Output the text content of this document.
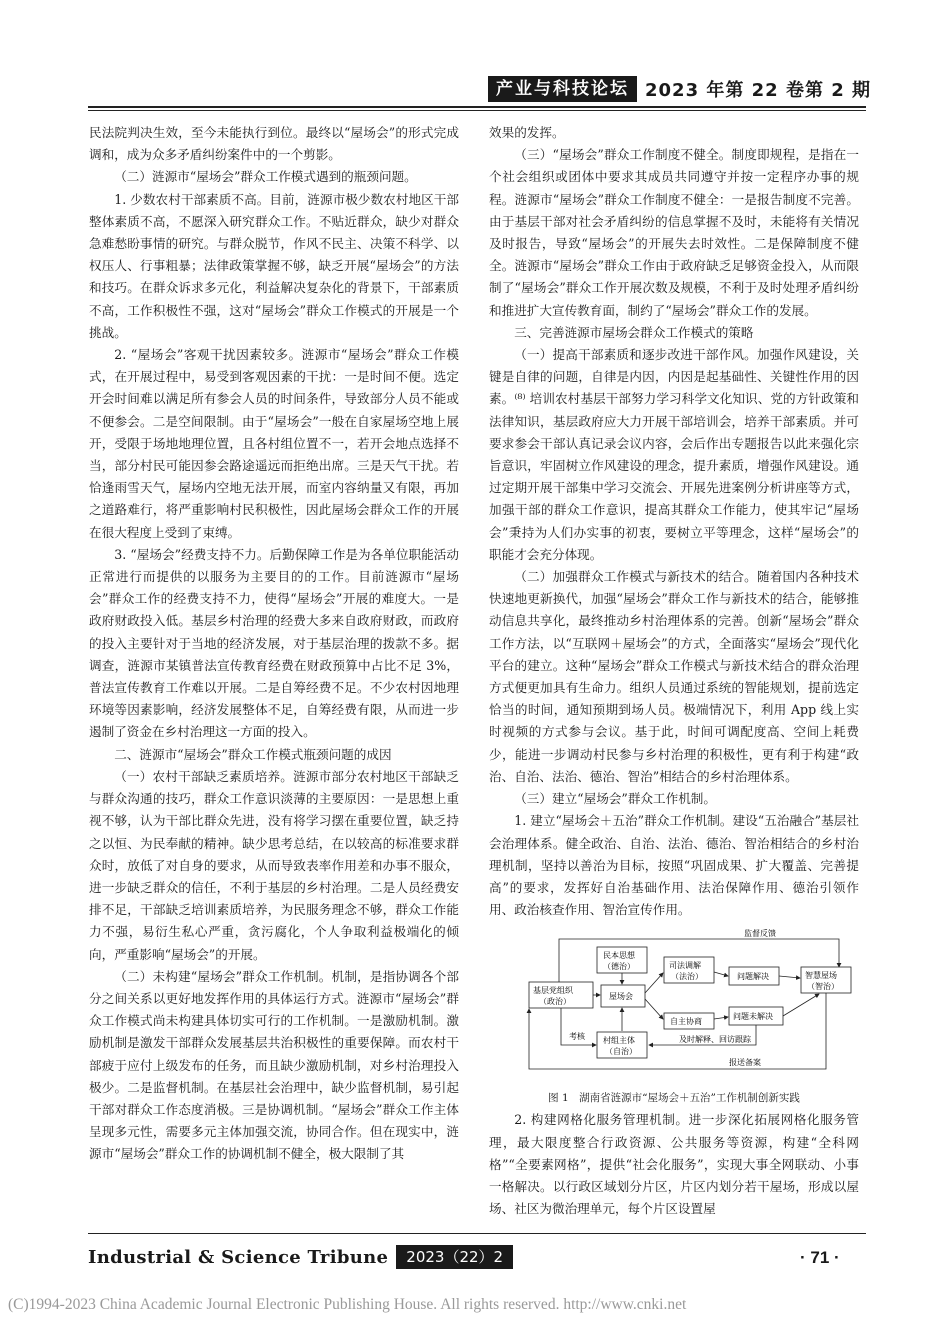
产业与科技论坛 2023 年第 22 卷第 2 期

民法院判决生效，至今未能执行到位。最终以“屋场会”的形式完成调和，成为众多矛盾纠纷案件中的一个剪影。

（二）涟源市“屋场会”群众工作模式遇到的瓶颈问题。

1. 少数农村干部素质不高。目前，涟源市极少数农村地区干部整体素质不高，不愿深入研究群众工作。不贴近群众，缺少对群众急难愁盼事情的研究。与群众脱节，作风不民主、决策不科学、以权压人、行事粗暴；法律政策掌握不够，缺乏开展“屋场会”的方法和技巧。在群众诉求多元化，利益解决复杂化的背景下，干部素质不高，工作积极性不强，这对“屋场会”群众工作模式的开展是一个挑战。

2. “屋场会”客观干扰因素较多。涟源市“屋场会”群众工作模式，在开展过程中，易受到客观因素的干扰：一是时间不便。选定开会时间难以满足所有参会人员的时间条件，导致部分人员不能或不便参会。二是空间限制。由于“屋场会”一般在自家屋场空地上展开，受限于场地地理位置，且各村组位置不一，若开会地点选择不当，部分村民可能因参会路途遥远而拒绝出席。三是天气干扰。若恰逢雨雪天气，屋场内空地无法开展，而室内容纳量又有限，再加之道路难行，将严重影响村民积极性，因此屋场会群众工作的开展在很大程度上受到了束缚。

3. “屋场会”经费支持不力。后勤保障工作是为各单位职能活动正常进行而提供的以服务为主要目的的工作。目前涟源市“屋场会”群众工作的经费支持不力，使得“屋场会”开展的难度大。一是政府财政投入低。基层乡村治理的经费大多来自政府财政，而政府的投入主要针对于当地的经济发展，对于基层治理的拨款不多。据调查，涟源市某镇普法宣传教育经费在财政预算中占比不足 3%，普法宣传教育工作难以开展。二是自筹经费不足。不少农村因地理环境等因素影响，经济发展整体不足，自筹经费有限，从而进一步遏制了资金在乡村治理这一方面的投入。

二、涟源市“屋场会”群众工作模式瓶颈问题的成因

（一）农村干部缺乏素质培养。涟源市部分农村地区干部缺乏与群众沟通的技巧，群众工作意识淡薄的主要原因：一是思想上重视不够，认为干部比群众先进，没有将学习摆在重要位置，缺乏持之以恒、为民奉献的精神。缺少思考总结，在以较高的标准要求群众时，放低了对自身的要求，从而导致表率作用差和办事不服众，进一步缺乏群众的信任，不利于基层的乡村治理。二是人员经费安排不足，干部缺乏培训素质培养，为民服务理念不够，群众工作能力不强，易衍生私心严重，贪污腐化，个人争取利益极端化的倾向，严重影响“屋场会”的开展。

（二）未构建“屋场会”群众工作机制。机制，是指协调各个部分之间关系以更好地发挥作用的具体运行方式。涟源市“屋场会”群众工作模式尚未构建具体切实可行的工作机制。一是激励机制。激励机制是激发干部群众发展基层共治积极性的重要保障。而农村干部疲于应付上级发布的任务，而且缺少激励机制，对乡村治理投入极少。二是监督机制。在基层社会治理中，缺少监督机制，易引起干部对群众工作态度消极。三是协调机制。“屋场会”群众工作主体呈现多元性，需要多元主体加强交流，协同合作。但在现实中，涟源市“屋场会”群众工作的协调机制不健全，极大限制了其

效果的发挥。

（三）“屋场会”群众工作制度不健全。制度即规程，是指在一个社会组织或团体中要求其成员共同遵守并按一定程序办事的规程。涟源市“屋场会”群众工作制度不健全：一是报告制度不完善。由于基层干部对社会矛盾纠纷的信息掌握不及时，未能将有关情况及时报告，导致“屋场会”的开展失去时效性。二是保障制度不健全。涟源市“屋场会”群众工作由于政府缺乏足够资金投入，从而限制了“屋场会”群众工作开展次数及规模，不利于及时处理矛盾纠纷和推进扩大宣传教育面，制约了“屋场会”群众工作的发展。

三、完善涟源市屋场会群众工作模式的策略

（一）提高干部素质和逐步改进干部作风。加强作风建设，关键是自律的问题，自律是内因，内因是起基础性、关键性作用的因素。⁽⁸⁾ 培训农村基层干部努力学习科学文化知识、党的方针政策和法律知识，基层政府应大力开展干部培训会，培养干部素质。并可要求参会干部认真记录会议内容，会后作出专题报告以此来强化宗旨意识，牢固树立作风建设的理念，提升素质，增强作风建设。通过定期开展干部集中学习交流会、开展先进案例分析讲座等方式，加强干部的群众工作意识，提高其群众工作能力，使其牢记“屋场会”秉持为人们办实事的初衷，要树立平等理念，这样“屋场会”的职能才会充分体现。

（二）加强群众工作模式与新技术的结合。随着国内各种技术快速地更新换代，加强“屋场会”群众工作与新技术的结合，能够推动信息共享化，最终推动乡村治理体系的完善。创新“屋场会”群众工作方法，以“互联网＋屋场会”的方式，全面落实“屋场会”现代化平台的建立。这种“屋场会”群众工作模式与新技术结合的群众治理方式便更加具有生命力。组织人员通过系统的智能规划，提前选定恰当的时间，通知预期到场人员。极端情况下，利用 App 线上实时视频的方式参与会议。基于此，时间可调配度高、空间上耗费少，能进一步调动村民参与乡村治理的积极性，更有利于构建“政治、自治、法治、德治、智治”相结合的乡村治理体系。

（三）建立“屋场会”群众工作机制。

1. 建立“屋场会＋五治”群众工作机制。建设“五治融合”基层社会治理体系。健全政治、自治、法治、德治、智治相结合的乡村治理机制，坚持以善治为目标，按照“巩固成果、扩大覆盖、完善提高”的要求，发挥好自治基础作用、法治保障作用、德治引领作用、政治核查作用、智治宣传作用。

监督反馈
民本思想
（德治）
基层党组织
（政治）
屋场会
司法调解
（法治）	问题解决	智慧屋场
（智治）
自主协商
问题未解决
村组主体
（自治）
及时解释、回访跟踪
考核
报送备案
图 1　湖南省涟源市“屋场会＋五治”工作机制创新实践

2. 构建网格化服务管理机制。进一步深化拓展网格化服务管理，最大限度整合行政资源、公共服务等资源，构建“全科网格”“全要素网格”，提供“社会化服务”，实现大事全网联动、小事一格解决。以行政区域划分片区，片区内划分若干屋场，形成以屋场、社区为微治理单元，每个片区设置屋

Industrial & Science Tribune	2023（22）2	· 71 ·
(C)1994-2023 China Academic Journal Electronic Publishing House. All rights reserved. http://www.cnki.net
